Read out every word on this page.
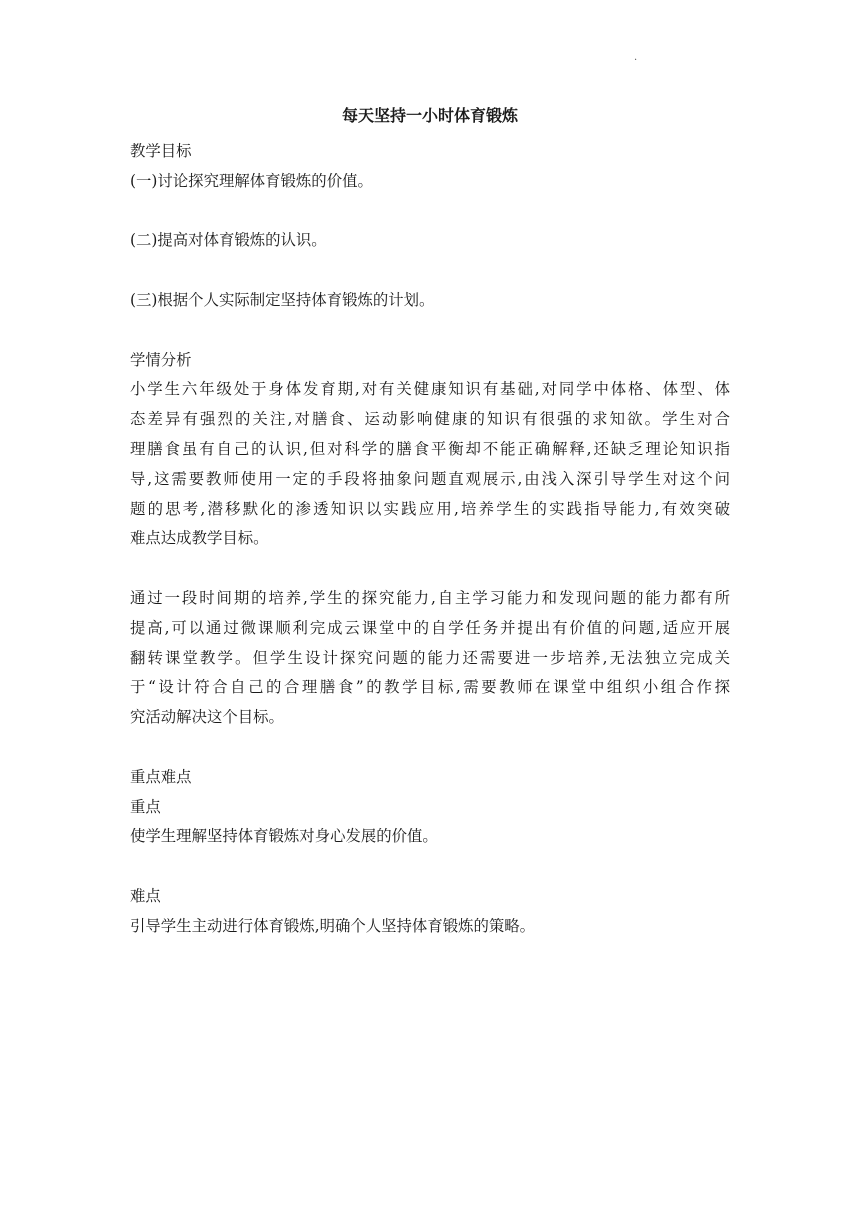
.
每天坚持一小时体育锻炼
教学目标
(一)讨论探究理解体育锻炼的价值。
(二)提高对体育锻炼的认识。
(三)根据个人实际制定坚持体育锻炼的计划。
学情分析
小学生六年级处于身体发育期,对有关健康知识有基础,对同学中体格、体型、体
态差异有强烈的关注,对膳食、运动影响健康的知识有很强的求知欲。学生对合
理膳食虽有自己的认识,但对科学的膳食平衡却不能正确解释,还缺乏理论知识指
导,这需要教师使用一定的手段将抽象问题直观展示,由浅入深引导学生对这个问
题的思考,潜移默化的渗透知识以实践应用,培养学生的实践指导能力,有效突破
难点达成教学目标。
通过一段时间期的培养,学生的探究能力,自主学习能力和发现问题的能力都有所
提高,可以通过微课顺利完成云课堂中的自学任务并提出有价值的问题,适应开展
翻转课堂教学。但学生设计探究问题的能力还需要进一步培养,无法独立完成关
于“设计符合自己的合理膳食”的教学目标,需要教师在课堂中组织小组合作探
究活动解决这个目标。
重点难点
重点
使学生理解坚持体育锻炼对身心发展的价值。
难点
引导学生主动进行体育锻炼,明确个人坚持体育锻炼的策略。
